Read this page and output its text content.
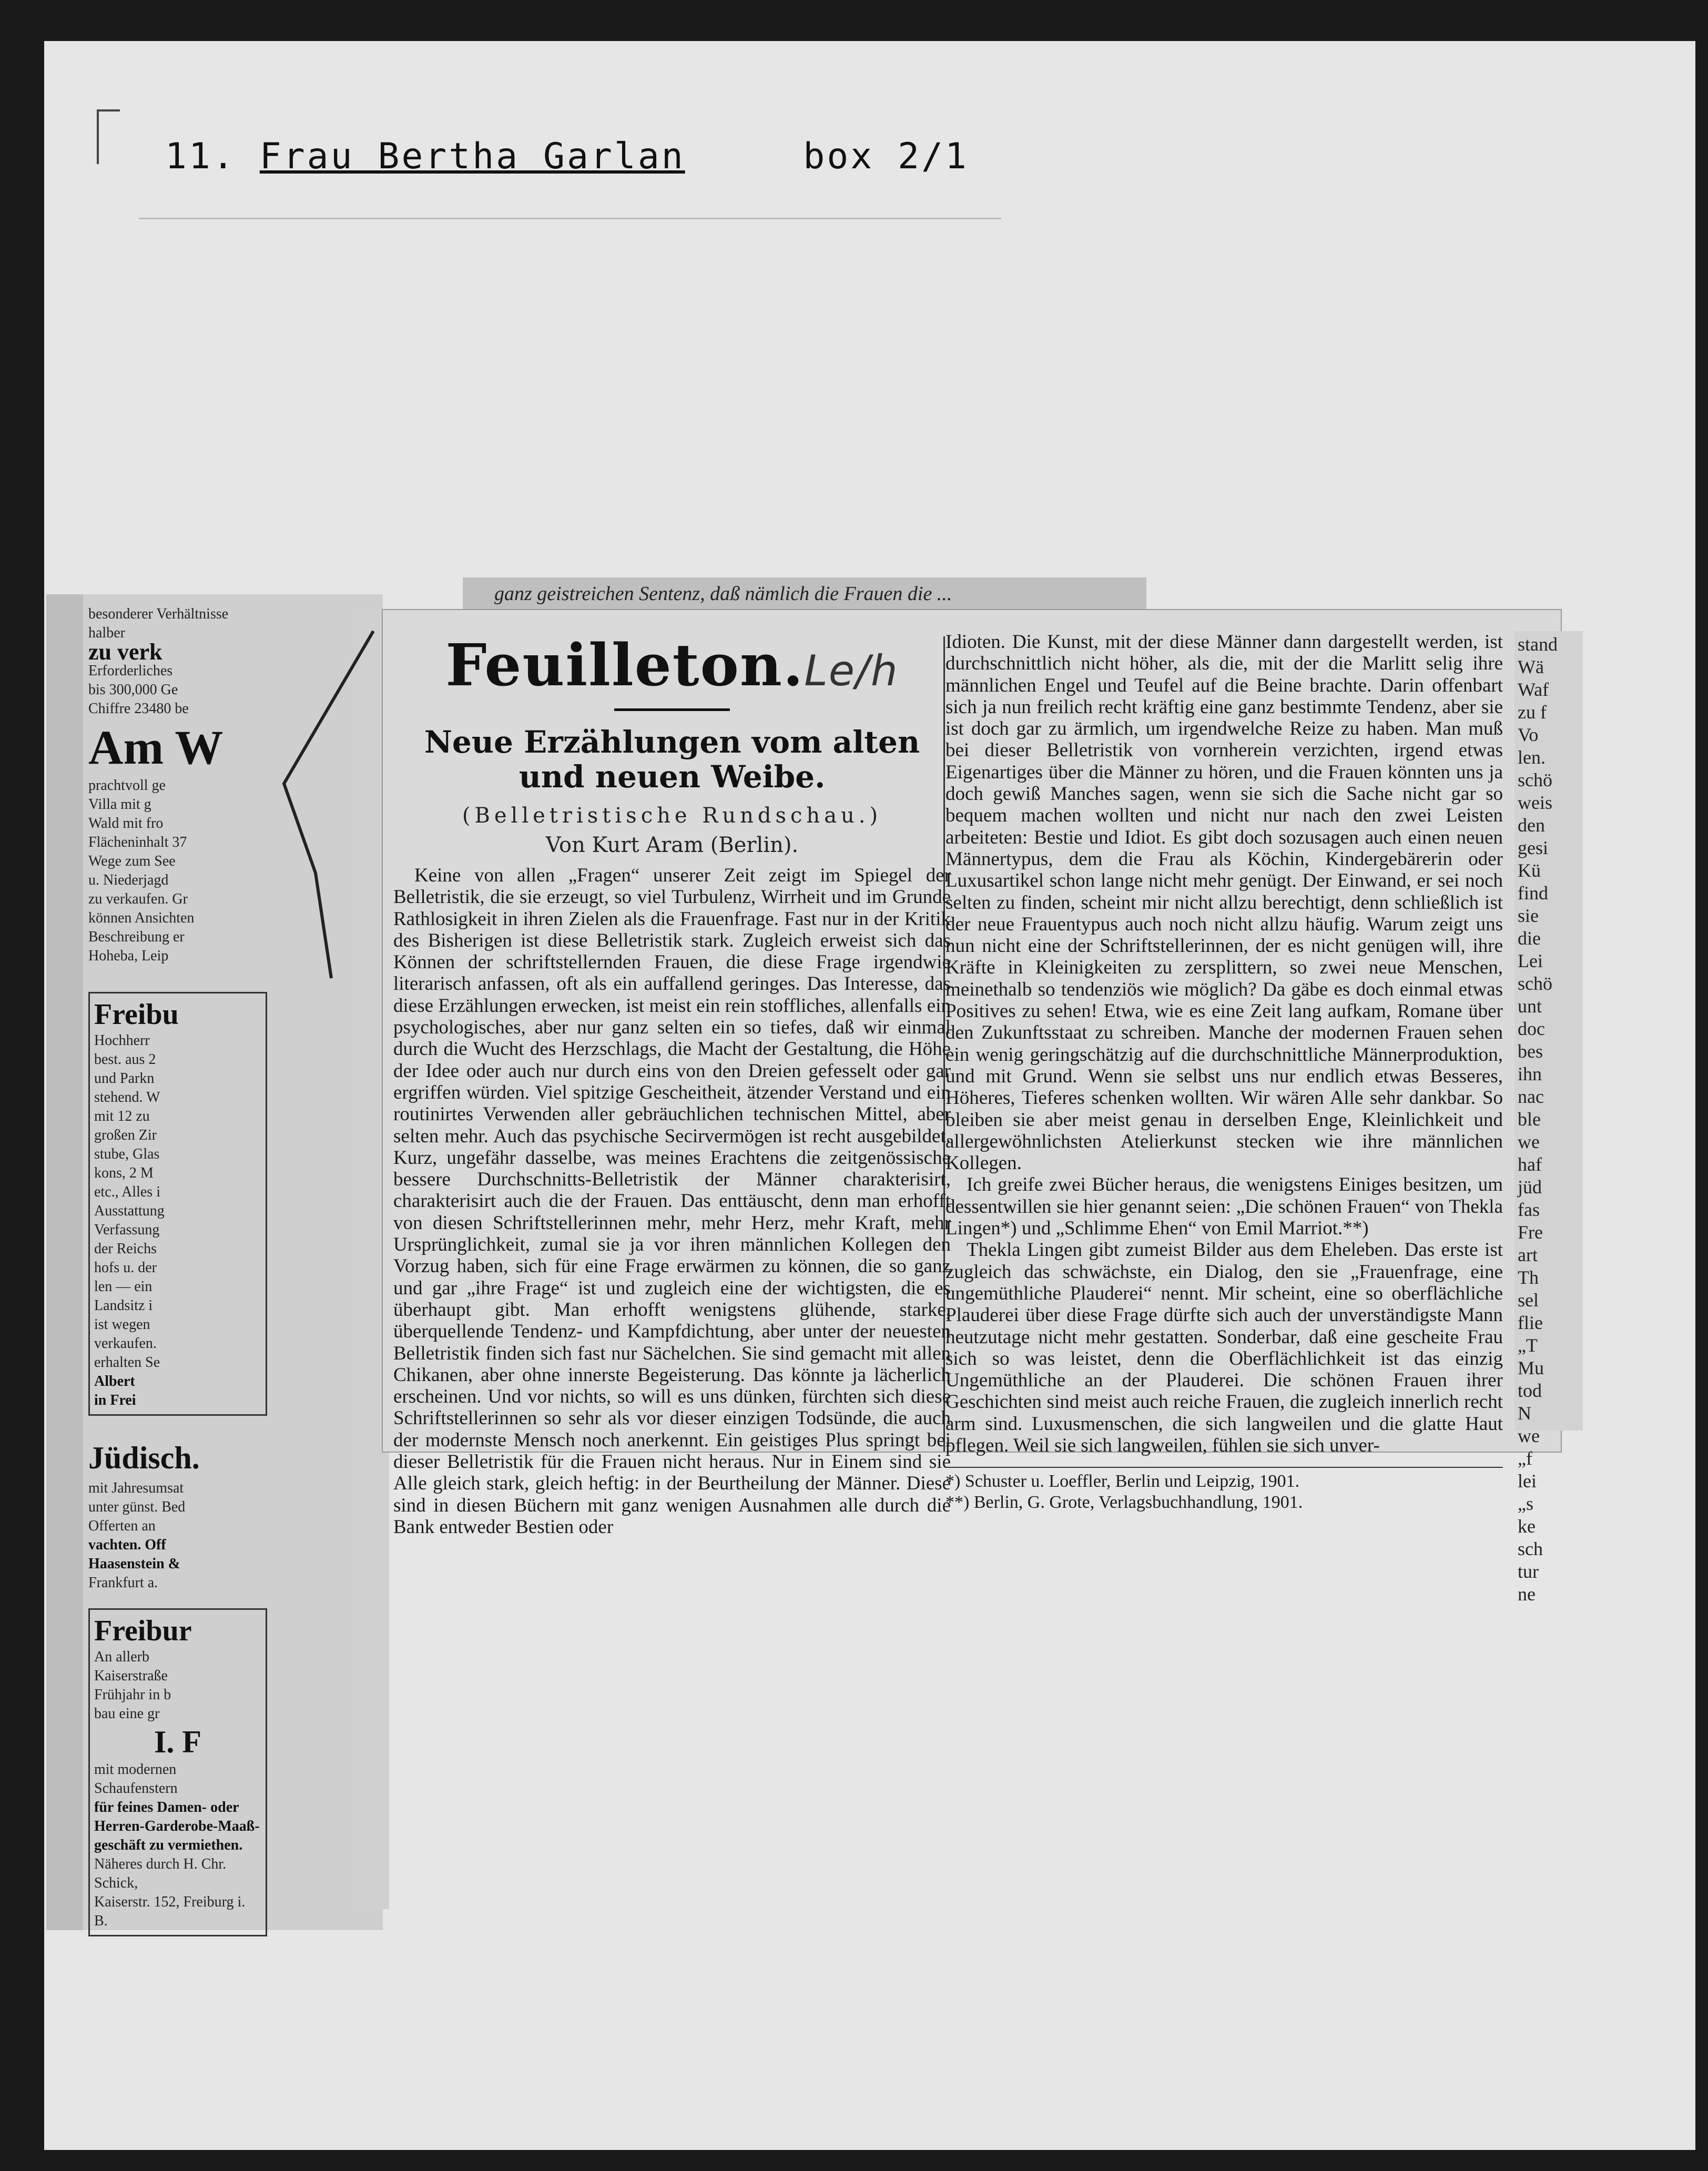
11. Frau Bertha Garlan	box 2/1
besonderer Verhältnisse halber
zu verk
Erforderliches
bis 300,000 Ge
Chiffre 23480 be
Am W
prachtvoll ge
Villa mit g
Wald mit fro
Flächeninhalt 37
Wege zum See
u. Niederjagd
zu verkaufen. Gr
können Ansichten
Beschreibung er
Hoheba, Leip
Freibu
Hochherr
best. aus 2
und Parkn
stehend. W
mit 12 zu
großen Zir
stube, Glas
kons, 2 M
etc., Alles i
Ausstattung
Verfassung
der Reichs
hofs u. der
len — ein
Landsitz i
ist wegen
verkaufen.
erhalten Se
Albert
in Frei
Jüdisch.
mit Jahresumsat
unter günst. Bed
Offerten an
vachten. Off
Haasenstein &
Frankfurt a.
Freibur
An allerb
Kaiserstraße
Frühjahr in b
bau eine gr
I. F
mit modernen Schaufenstern
für feines Damen- oder
Herren-Garderobe-Maaß-
geschäft zu vermiethen.
Näheres durch H. Chr. Schick,
Kaiserstr. 152, Freiburg i. B.
ganz geistreichen Sentenz, daß nämlich die Frauen die ...
Feuilleton.Le/h
Neue Erzählungen vom alten und neuen Weibe.
(Belletristische Rundschau.)
Von Kurt Aram (Berlin).

Keine von allen „Fragen“ unserer Zeit zeigt im Spiegel der Belletristik, die sie erzeugt, so viel Turbulenz, Wirrheit und im Grunde Rathlosigkeit in ihren Zielen als die Frauenfrage. Fast nur in der Kritik des Bisherigen ist diese Belletristik stark. Zugleich erweist sich das Können der schriftstellernden Frauen, die diese Frage irgendwie literarisch anfassen, oft als ein auffallend geringes. Das Interesse, das diese Erzählungen erwecken, ist meist ein rein stoffliches, allenfalls ein psychologisches, aber nur ganz selten ein so tiefes, daß wir einmal durch die Wucht des Herzschlags, die Macht der Gestaltung, die Höhe der Idee oder auch nur durch eins von den Dreien gefesselt oder gar ergriffen würden. Viel spitzige Gescheitheit, ätzender Verstand und ein routinirtes Verwenden aller gebräuchlichen technischen Mittel, aber selten mehr. Auch das psychische Secirvermögen ist recht ausgebildet. Kurz, ungefähr dasselbe, was meines Erachtens die zeitgenössische bessere Durchschnitts-Belletristik der Männer charakterisirt, charakterisirt auch die der Frauen. Das enttäuscht, denn man erhofft von diesen Schriftstellerinnen mehr, mehr Herz, mehr Kraft, mehr Ursprünglichkeit, zumal sie ja vor ihren männlichen Kollegen den Vorzug haben, sich für eine Frage erwärmen zu können, die so ganz und gar „ihre Frage“ ist und zugleich eine der wichtigsten, die es überhaupt gibt. Man erhofft wenigstens glühende, starke, überquellende Tendenz- und Kampfdichtung, aber unter der neuesten Belletristik finden sich fast nur Sächelchen. Sie sind gemacht mit allen Chikanen, aber ohne innerste Begeisterung. Das könnte ja lächerlich erscheinen. Und vor nichts, so will es uns dünken, fürchten sich diese Schriftstellerinnen so sehr als vor dieser einzigen Todsünde, die auch der modernste Mensch noch anerkennt. Ein geistiges Plus springt bei dieser Belletristik für die Frauen nicht heraus. Nur in Einem sind sie Alle gleich stark, gleich heftig: in der Beurtheilung der Männer. Diese sind in diesen Büchern mit ganz wenigen Ausnahmen alle durch die Bank entweder Bestien oder

Idioten. Die Kunst, mit der diese Männer dann dargestellt werden, ist durchschnittlich nicht höher, als die, mit der die Marlitt selig ihre männlichen Engel und Teufel auf die Beine brachte. Darin offenbart sich ja nun freilich recht kräftig eine ganz bestimmte Tendenz, aber sie ist doch gar zu ärmlich, um irgendwelche Reize zu haben. Man muß bei dieser Belletristik von vornherein verzichten, irgend etwas Eigenartiges über die Männer zu hören, und die Frauen könnten uns ja doch gewiß Manches sagen, wenn sie sich die Sache nicht gar so bequem machen wollten und nicht nur nach den zwei Leisten arbeiteten: Bestie und Idiot. Es gibt doch sozusagen auch einen neuen Männertypus, dem die Frau als Köchin, Kindergebärerin oder Luxusartikel schon lange nicht mehr genügt. Der Einwand, er sei noch selten zu finden, scheint mir nicht allzu berechtigt, denn schließlich ist der neue Frauentypus auch noch nicht allzu häufig. Warum zeigt uns nun nicht eine der Schriftstellerinnen, der es nicht genügen will, ihre Kräfte in Kleinigkeiten zu zersplittern, so zwei neue Menschen, meinethalb so tendenziös wie möglich? Da gäbe es doch einmal etwas Positives zu sehen! Etwa, wie es eine Zeit lang aufkam, Romane über den Zukunftsstaat zu schreiben. Manche der modernen Frauen sehen ein wenig geringschätzig auf die durchschnittliche Männerproduktion, und mit Grund. Wenn sie selbst uns nur endlich etwas Besseres, Höheres, Tieferes schenken wollten. Wir wären Alle sehr dankbar. So bleiben sie aber meist genau in derselben Enge, Kleinlichkeit und allergewöhnlichsten Atelierkunst stecken wie ihre männlichen Kollegen.

Ich greife zwei Bücher heraus, die wenigstens Einiges besitzen, um dessentwillen sie hier genannt seien: „Die schönen Frauen“ von Thekla Lingen*) und „Schlimme Ehen“ von Emil Marriot.**)

Thekla Lingen gibt zumeist Bilder aus dem Eheleben. Das erste ist zugleich das schwächste, ein Dialog, den sie „Frauenfrage, eine ungemüthliche Plauderei“ nennt. Mir scheint, eine so oberflächliche Plauderei über diese Frage dürfte sich auch der unverständigste Mann heutzutage nicht mehr gestatten. Sonderbar, daß eine gescheite Frau sich so was leistet, denn die Oberflächlichkeit ist das einzig Ungemüthliche an der Plauderei. Die schönen Frauen ihrer Geschichten sind meist auch reiche Frauen, die zugleich innerlich recht arm sind. Luxusmenschen, die sich langweilen und die glatte Haut pflegen. Weil sie sich langweilen, fühlen sie sich unver-

*) Schuster u. Loeffler, Berlin und Leipzig, 1901.
**) Berlin, G. Grote, Verlagsbuchhandlung, 1901.
stand
Wä
Waf
zu f
Vo
len.
schö
weis
den
gesi
Kü
find
sie
die
Lei
schö
unt
doc
bes
ihn
nac
ble
we
haf
jüd
fas
Fre
art
Th
sel
flie
„T
Mu
tod
N
we
„f
lei
„s
ke
sch
tur
ne
